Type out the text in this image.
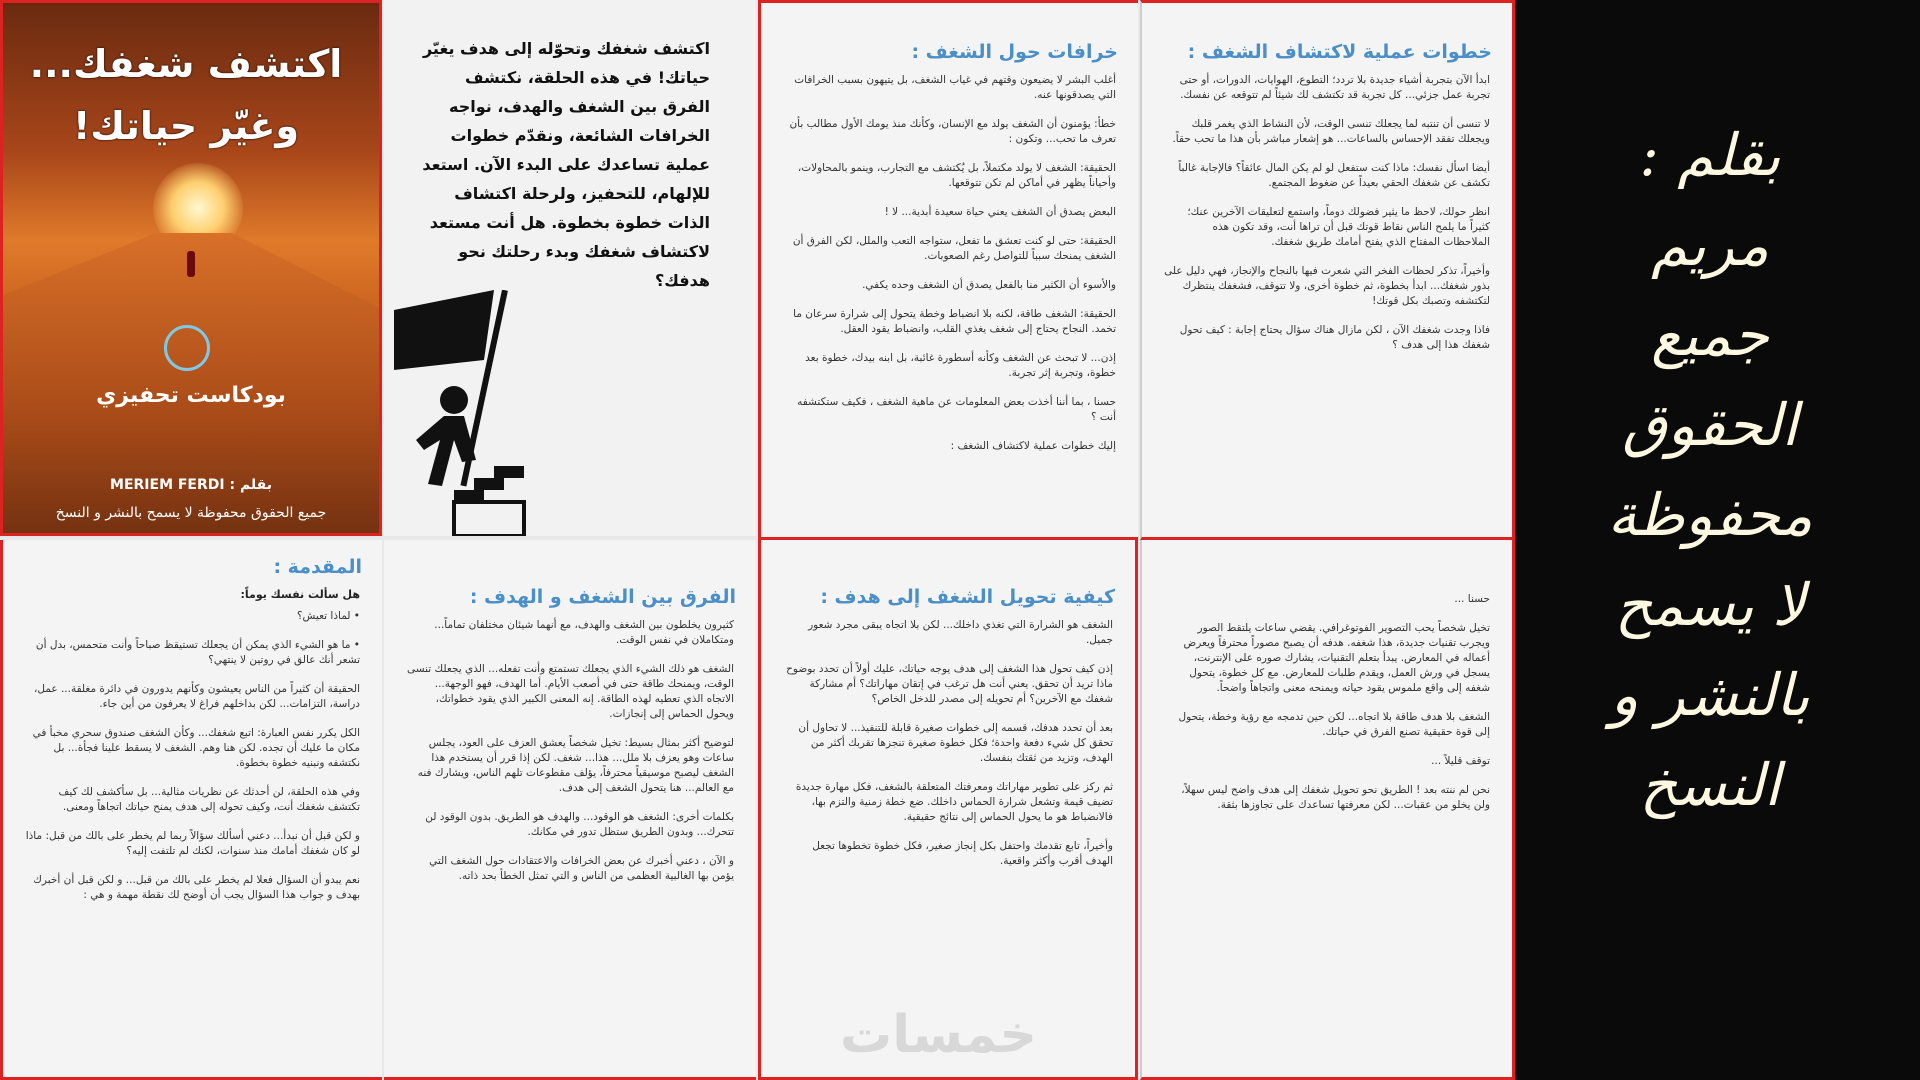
اكتشف شغفك...
وغيّر حياتك!
بودكاست تحفيزي
بقلم : MERIEM FERDI
جميع الحقوق محفوظة لا يسمح بالنشر و النسخ
اكتشف شغفك وتحوّله إلى هدف يغيّر حياتك! في هذه الحلقة، نكتشف الفرق بين الشغف والهدف، نواجه الخرافات الشائعة، ونقدّم خطوات عملية تساعدك على البدء الآن. استعد للإلهام، للتحفيز، ولرحلة اكتشاف الذات خطوة بخطوة. هل أنت مستعد لاكتشاف شغفك وبدء رحلتك نحو هدفك؟
خرافات حول الشغف :

أغلب البشر لا يضيعون وقتهم في غياب الشغف، بل يتيهون بسبب الخرافات التي يصدقونها عنه.

خطأ: يؤمنون أن الشغف يولد مع الإنسان، وكأنك منذ يومك الأول مطالب بأن تعرف ما تحب... وتكون :

الحقيقة: الشغف لا يولد مكتملاً، بل يُكتشف مع التجارب، وينمو بالمحاولات، وأحياناً يظهر في أماكن لم تكن تتوقعها.

البعض يصدق أن الشغف يعني حياة سعيدة أبدية... لا !

الحقيقة: حتى لو كنت تعشق ما تفعل، ستواجه التعب والملل، لكن الفرق أن الشغف يمنحك سبباً للتواصل رغم الصعوبات.

والأسوء أن الكثير منا بالفعل يصدق أن الشغف وحده يكفي.

الحقيقة: الشغف طاقة، لكنه بلا انضباط وخطة يتحول إلى شرارة سرعان ما تخمد. النجاح يحتاج إلى شغف يغذي القلب، وانضباط يقود العقل.

إذن... لا تبحث عن الشغف وكأنه أسطورة غائبة، بل ابنه بيدك، خطوة بعد خطوة، وتجربة إثر تجربة.

حسنا ، بما أننا أخذت بعض المعلومات عن ماهية الشغف ، فكيف ستكتشفه أنت ؟

إليك خطوات عملية لاكتشاف الشغف :

خطوات عملية لاكتشاف الشغف :

ابدأ الآن بتجربة أشياء جديدة بلا تردد؛ التطوع، الهوايات، الدورات، أو حتى تجربة عمل جزئي... كل تجربة قد تكتشف لك شيئاً لم تتوقعه عن نفسك.

لا تنسى أن تنتبه لما يجعلك تنسى الوقت، لأن النشاط الذي يغمر قلبك ويجعلك تفقد الإحساس بالساعات... هو إشعار مباشر بأن هذا ما تحب حقاً.

أيضا اسأل نفسك: ماذا كنت ستفعل لو لم يكن المال عائقاً؟ فالإجابة غالباً تكشف عن شغفك الحقي بعيداً عن ضغوط المجتمع.

انظر حولك، لاحظ ما يثير فضولك دوماً، واستمع لتعليقات الآخرين عنك؛ كثيراً ما يلمح الناس نقاط قوتك قبل أن تراها أنت، وقد تكون هذه الملاحظات المفتاح الذي يفتح أمامك طريق شغفك.

وأخيراً، تذكر لحظات الفخر التي شعرت فيها بالنجاح والإنجاز، فهي دليل على بذور شغفك... ابدأ بخطوة، ثم خطوة أخرى، ولا تتوقف، فشغفك ينتظرك لتكتشفه وتصبك بكل قوتك!

فاذا وجدت شغفك الآن ، لكن مازال هناك سؤال يحتاج إجابة : كيف تحول شغفك هذا إلى هدف ؟

المقدمة :
هل سألت نفسك يوماً:

• لماذا تعيش؟

• ما هو الشيء الذي يمكن أن يجعلك تستيقظ صباحاً وأنت متحمس، بدل أن تشعر أنك عالق في روتين لا ينتهي؟

الحقيقة أن كثيراً من الناس يعيشون وكأنهم يدورون في دائرة مغلقة... عمل، دراسة، التزامات... لكن بداخلهم فراغ لا يعرفون من أين جاء.

الكل يكرر نفس العبارة: اتبع شغفك... وكأن الشغف صندوق سحري مخبأ في مكان ما عليك أن تجده. لكن هنا وهم. الشغف لا يسقط علينا فجأة... بل نكتشفه ونبنيه خطوة بخطوة.

وفي هذه الحلقة، لن أحدثك عن نظريات مثالية... بل سأكشف لك كيف تكتشف شغفك أنت، وكيف تحوله إلى هدف يمنح حياتك اتجاهاً ومعنى.

و لكن قبل أن نبدأ... دعني أسألك سؤالاً ربما لم يخطر على بالك من قبل: ماذا لو كان شغفك أمامك منذ سنوات، لكنك لم تلتفت إليه؟

نعم يبدو أن السؤال فعلا لم يخطر على بالك من قبل... و لكن قبل أن أخبرك بهدف و جواب هذا السؤال يجب أن أوضح لك نقطة مهمة و هي :

الفرق بين الشغف و الهدف :

كثيرون يخلطون بين الشغف والهدف، مع أنهما شيئان مختلفان تماماً... ومتكاملان في نفس الوقت.

الشغف هو ذلك الشيء الذي يجعلك تستمتع وأنت تفعله... الذي يجعلك تنسى الوقت، ويمنحك طاقة حتى في أصعب الأيام. أما الهدف، فهو الوجهة... الاتجاه الذي تعطيه لهذه الطاقة. إنه المعنى الكبير الذي يقود خطواتك، ويحول الحماس إلى إنجازات.

لتوضيح أكثر بمثال بسيط: تخيل شخصاً يعشق العزف على العود، يجلس ساعات وهو يعزف بلا ملل... هذا... شغف. لكن إذا قرر أن يستخدم هذا الشغف ليصبح موسيقياً محترفاً، يؤلف مقطوعات تلهم الناس، ويشارك فنه مع العالم... هنا يتحول الشغف إلى هدف.

بكلمات أخرى: الشغف هو الوقود... والهدف هو الطريق. بدون الوقود لن تتحرك... وبدون الطريق ستظل تدور في مكانك.

و الآن ، دعني أخبرك عن بعض الخرافات والاعتقادات حول الشغف التي يؤمن بها الغالبية العظمى من الناس و التي تمثل الخطأ بحد ذاته.

كيفية تحويل الشغف إلى هدف :

الشغف هو الشرارة التي تغذي داخلك... لكن بلا اتجاه يبقى مجرد شعور جميل.

إذن كيف تحول هذا الشغف إلى هدف يوجه حياتك، عليك أولاً أن تحدد بوضوح ماذا تريد أن تحقق. يعني أنت هل ترغب في إتقان مهاراتك؟ أم مشاركة شغفك مع الآخرين؟ أم تحويله إلى مصدر للدخل الخاص؟

بعد أن تحدد هدفك، قسمه إلى خطوات صغيرة قابلة للتنفيذ... لا تحاول أن تحقق كل شيء دفعة واحدة؛ فكل خطوة صغيرة تنجزها تقربك أكثر من الهدف، وتزيد من ثقتك بنفسك.

ثم ركز على تطوير مهاراتك ومعرفتك المتعلقة بالشغف، فكل مهارة جديدة تضيف قيمة وتشعل شرارة الحماس داخلك. ضع خطة زمنية والتزم بها، فالانضباط هو ما يحول الحماس إلى نتائج حقيقية.

وأخيراً، تابع تقدمك واحتفل بكل إنجاز صغير، فكل خطوة تخطوها تجعل الهدف أقرب وأكثر واقعية.

حسنا ...

تخيل شخصاً يحب التصوير الفوتوغرافي. يقضي ساعات يلتقط الصور ويجرب تقنيات جديدة، هذا شغفه. هدفه أن يصبح مصوراً محترفاً ويعرض أعماله في المعارض. يبدأ بتعلم التقنيات، يشارك صوره على الإنترنت، يسجل في ورش العمل، ويقدم طلبات للمعارض. مع كل خطوة، يتحول شغفه إلى واقع ملموس يقود حياته ويمنحه معنى واتجاهاً واضحاً.

الشغف بلا هدف طاقة بلا اتجاه... لكن حين تدمجه مع رؤية وخطة، يتحول إلى قوة حقيقية تصنع الفرق في حياتك.

توقف قليلاً ...

نحن لم ننته بعد ! الطريق نحو تحويل شغفك إلى هدف واضح ليس سهلاً، ولن يخلو من عقبات... لكن معرفتها تساعدك على تجاوزها بثقة.

خمسات
بقلم :
مريم
جميع
الحقوق
محفوظة
لا يسمح
بالنشر و
النسخ
